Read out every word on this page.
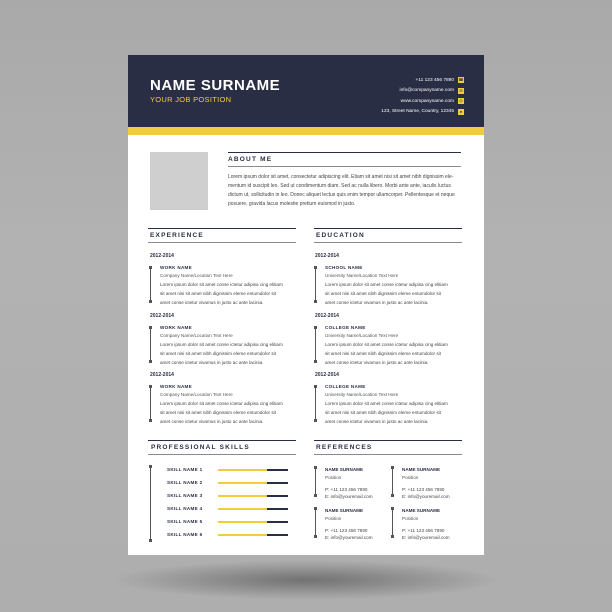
NAME SURNAME
YOUR JOB POSITION
+11 123 456 7890 ☎
info@companyname.com	✉
www.companyname.com	◎
123, Street Name, Country, 12345	●
ABOUT ME
Lorem ipsum dolor sit amet, consectetur adipiscing elit. Etiam sit amet nisi sit amet nibh dignissim ele-
mentum id suscipit leo. Sed ut condimentum diam. Sed ac nulla libero. Morbi ante ante, iaculis luctus
dictum ut, sollicitudin in leo. Donec aliquet lectus quis enim tempor ullamcorper. Pellentesque et neque
posuere, gravida lacus molestie pretium euismod in justo.
EXPERIENCE
2012-2014
WORK NAME
Company Name/Location Text Here
Lorem ipsum dolor sit amet conse ictetur adipisa cing elitiam
sit amet nisi sit amet nibh dignissim eleme entumdolor sit
amet conse ictetur vivamus in justo ac ante lacinia.
2012-2014
WORK NAME
Company Name/Location Text Here
Lorem ipsum dolor sit amet conse ictetur adipisa cing elitiam
sit amet nisi sit amet nibh dignissim eleme entumdolor sit
amet conse ictetur vivamus in justo ac ante lacinia.
2012-2014
WORK NAME
Company Name/Location Text Here
Lorem ipsum dolor sit amet conse ictetur adipisa cing elitiam
sit amet nisi sit amet nibh dignissim eleme entumdolor sit
amet conse ictetur vivamus in justo ac ante lacinia.
EDUCATION
2012-2014
SCHOOL NAME
University Name/Location Text Here
Lorem ipsum dolor sit amet conse ictetur adipisa cing elitiam
sit amet nisi sit amet nibh dignissim eleme entumdolor sit
amet conse ictetur vivamus in justo ac ante lacinia.
2012-2014
COLLEGE NAME
University Name/Location Text Here
Lorem ipsum dolor sit amet conse ictetur adipisa cing elitiam
sit amet nisi sit amet nibh dignissim eleme entumdolor sit
amet conse ictetur vivamus in justo ac ante lacinia.
2012-2014
COLLEGE NAME
University Name/Location Text Here
Lorem ipsum dolor sit amet conse ictetur adipisa cing elitiam
sit amet nisi sit amet nibh dignissim eleme entumdolor sit
amet conse ictetur vivamus in justo ac ante lacinia.
PROFESSIONAL SKILLS
SKILL NAME 1
SKILL NAME 2
SKILL NAME 3
SKILL NAME 4
SKILL NAME 5
SKILL NAME 6
REFERENCES
NAME SURNAME
Position
P: +11 123 456 7890
E: info@youremail.com
NAME SURNAME
Position
P: +11 123 456 7890
E: info@youremail.com
NAME SURNAME
Position
P: +11 123 456 7890
E: info@youremail.com
NAME SURNAME
Position
P: +11 123 456 7890
E: info@youremail.com
